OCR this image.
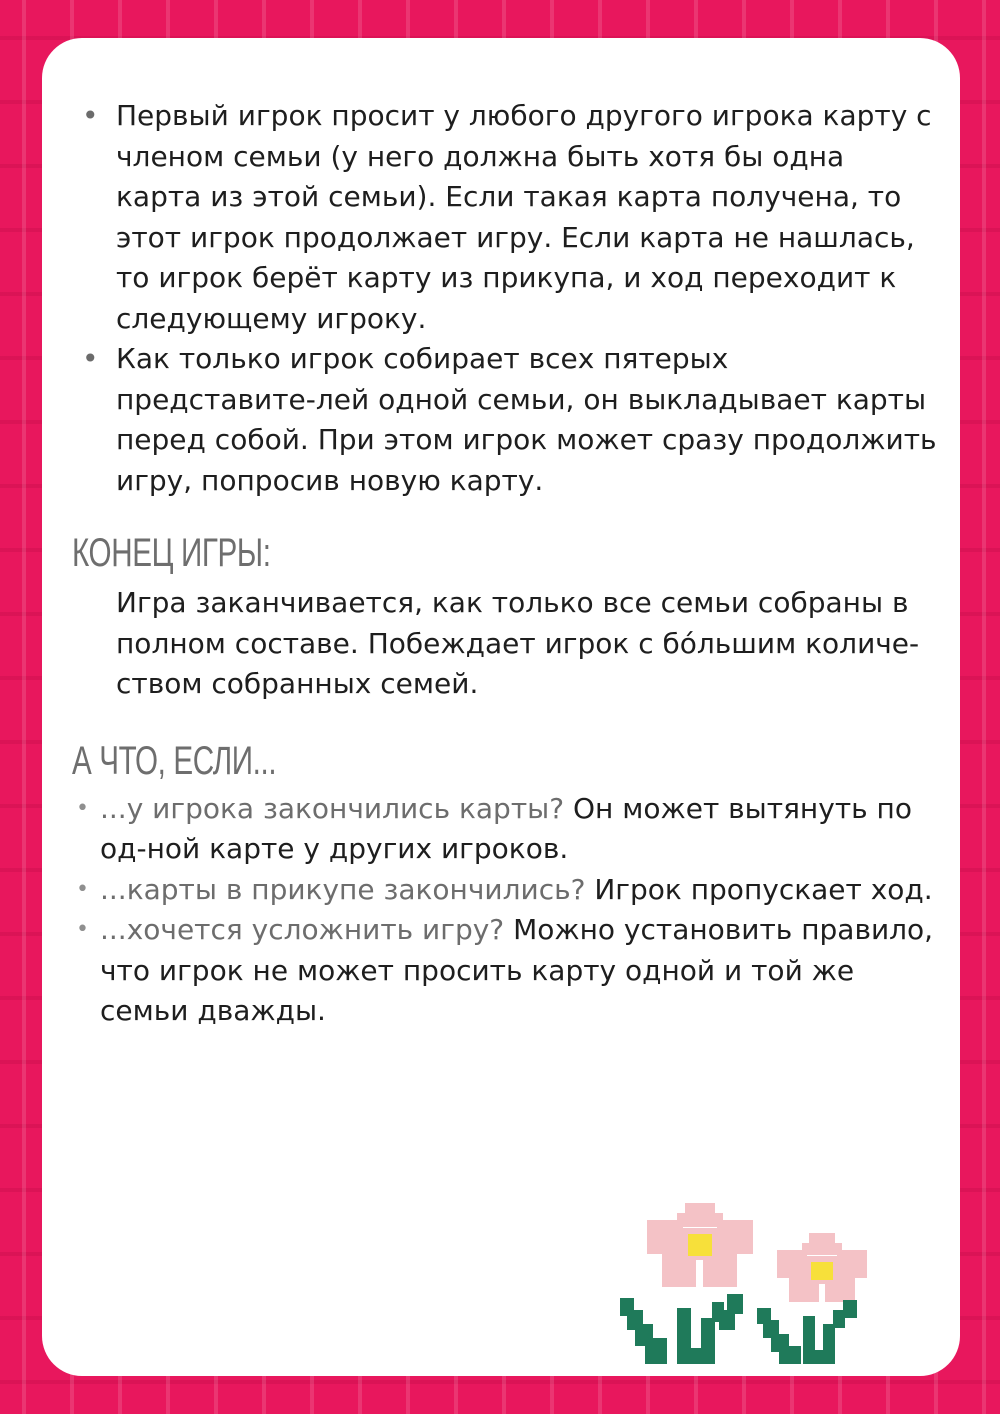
• Первый игрок просит у любого другого игрока карту с членом семьи (у него должна быть хотя бы одна карта из этой семьи). Если такая карта получена, то этот игрок продолжает игру. Если карта не нашлась, то игрок берёт карту из прикупа, и ход переходит к следующему игроку.
• Как только игрок собирает всех пятерых представите-лей одной семьи, он выкладывает карты перед собой. При этом игрок может сразу продолжить игру, попросив новую карту.
КОНЕЦ ИГРЫ:
Игра заканчивается, как только все семьи собраны в полном составе. Побеждает игрок с бóльшим количе-ством собранных семей.
А ЧТО, ЕСЛИ...
• ...у игрока закончились карты? Он может вытянуть по од-ной карте у других игроков.
• ...карты в прикупе закончились? Игрок пропускает ход.
• ...хочется усложнить игру? Можно установить правило, что игрок не может просить карту одной и той же семьи дважды.
